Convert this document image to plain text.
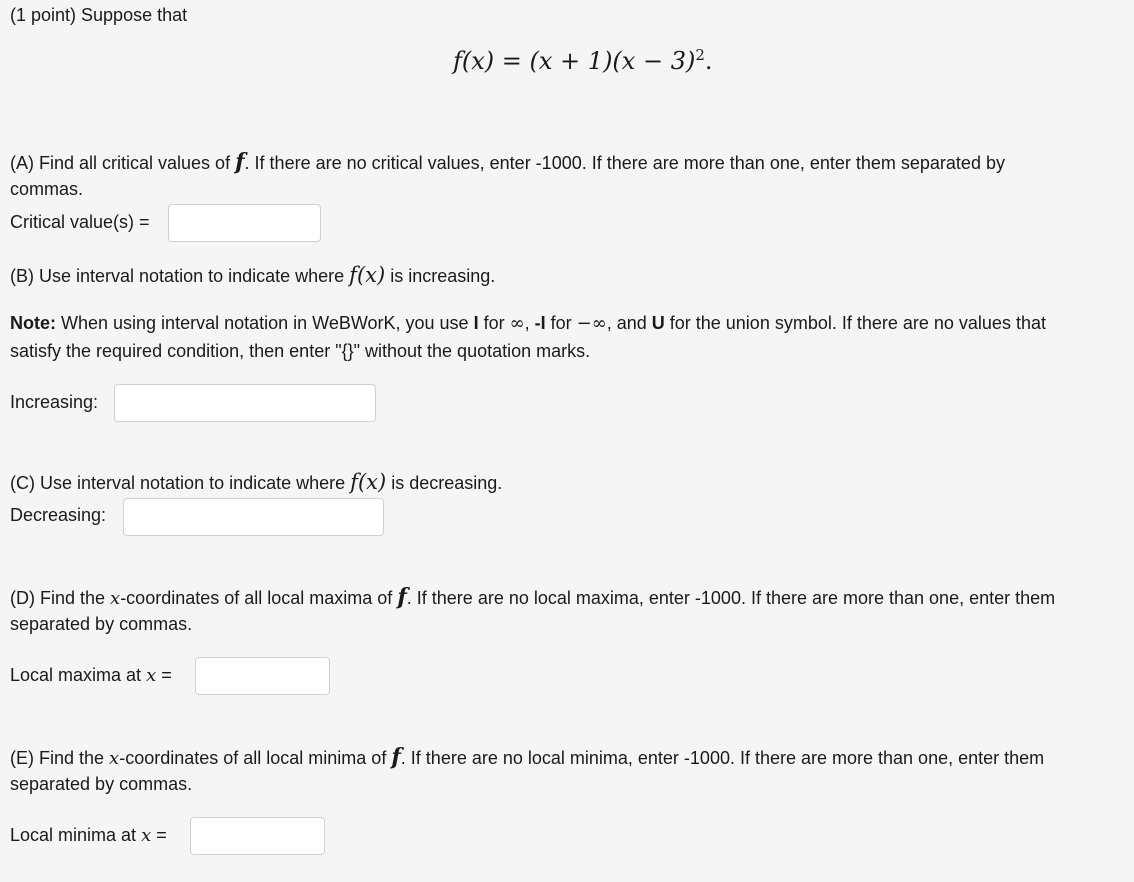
(1 point) Suppose that
$f(x) = (x + 1)(x - 3)^2$.
(A) Find all critical values of f. If there are no critical values, enter -1000. If there are more than one, enter them separated by
commas.
Critical value(s) =
(B) Use interval notation to indicate where f(x) is increasing.
Note: When using interval notation in WeBWorK, you use I for ∞, -I for −∞, and U for the union symbol. If there are no values that
satisfy the required condition, then enter "{}" without the quotation marks.
Increasing:
(C) Use interval notation to indicate where f(x) is decreasing.
Decreasing:
(D) Find the x-coordinates of all local maxima of f. If there are no local maxima, enter -1000. If there are more than one, enter them
separated by commas.
Local maxima at x =
(E) Find the x-coordinates of all local minima of f. If there are no local minima, enter -1000. If there are more than one, enter them
separated by commas.
Local minima at x =
